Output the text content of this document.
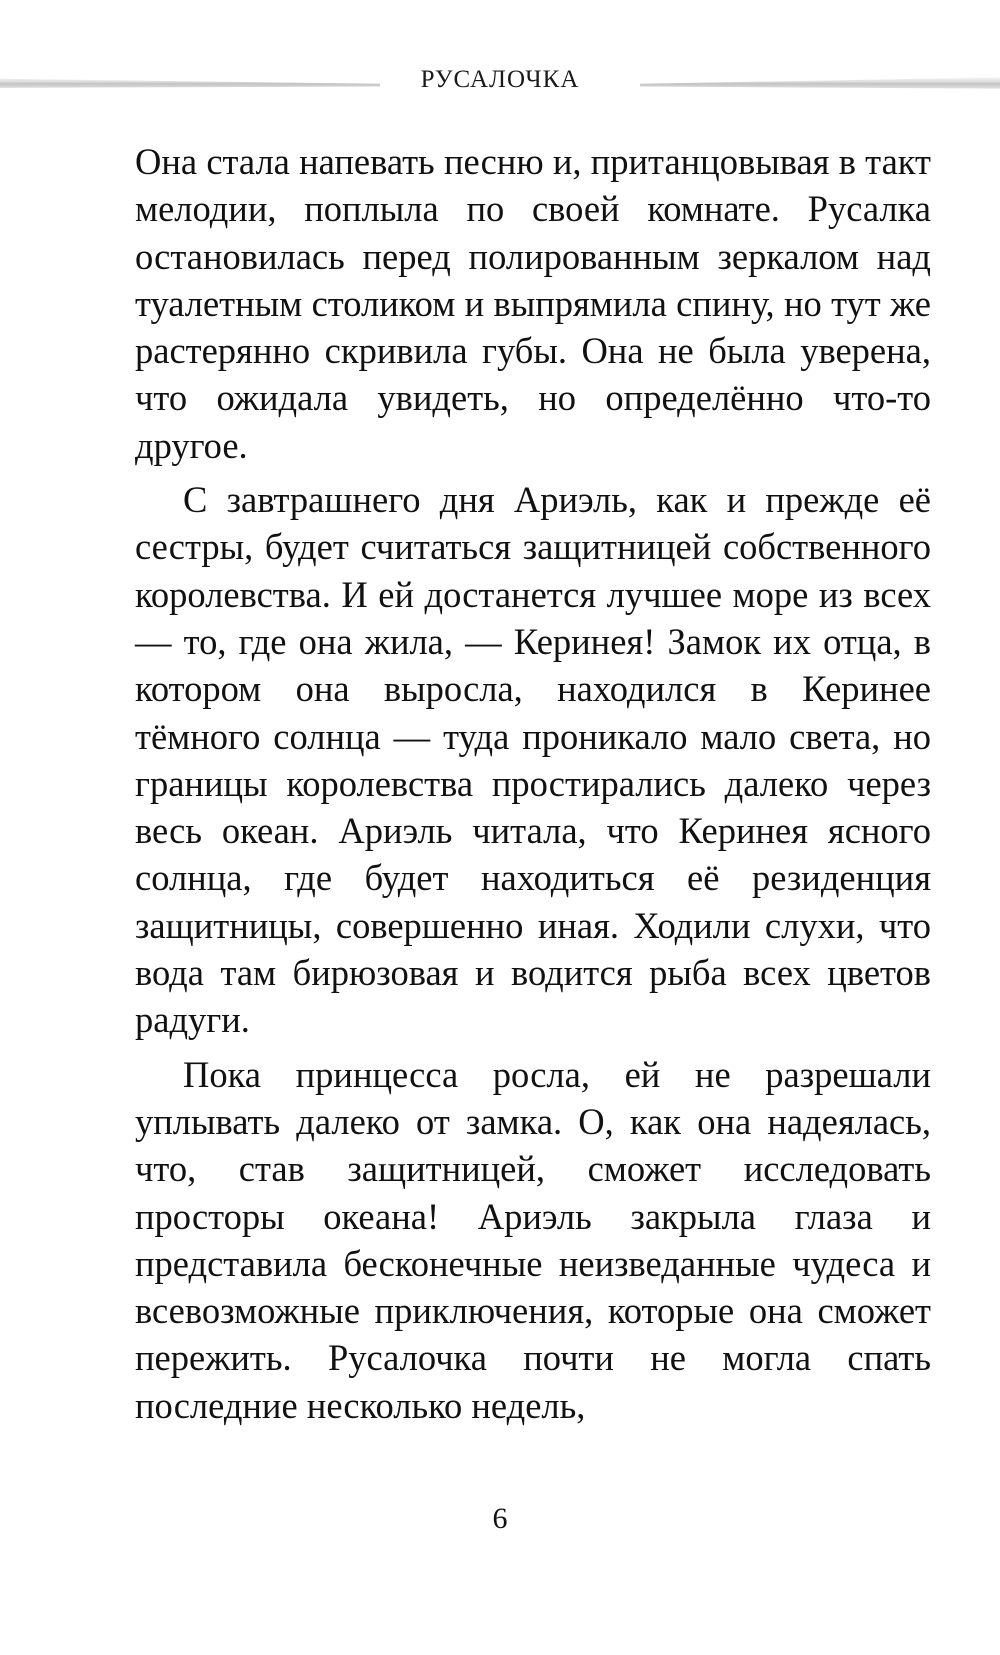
РУСАЛОЧКА

Она стала напевать песню и, пританцовывая в такт мелодии, поплыла по своей комнате. Русалка остановилась перед полированным зеркалом над туалетным столиком и выпрямила спину, но тут же растерянно скривила губы. Она не была уверена, что ожидала увидеть, но определённо что-то другое.

С завтрашнего дня Ариэль, как и прежде её сестры, будет считаться защитницей собственного королевства. И ей достанется лучшее море из всех — то, где она жила, — Керинея! Замок их отца, в котором она выросла, находился в Керинее тёмного солнца — туда проникало мало света, но границы королевства простирались далеко через весь океан. Ариэль читала, что Керинея ясного солнца, где будет находиться её резиденция защитницы, совершенно иная. Ходили слухи, что вода там бирюзовая и водится рыба всех цветов радуги.

Пока принцесса росла, ей не разрешали уплывать далеко от замка. О, как она надеялась, что, став защитницей, сможет исследовать просторы океана! Ариэль закрыла глаза и представила бесконечные неизведанные чудеса и всевозможные приключения, которые она сможет пережить. Русалочка почти не могла спать последние несколько недель,

6
